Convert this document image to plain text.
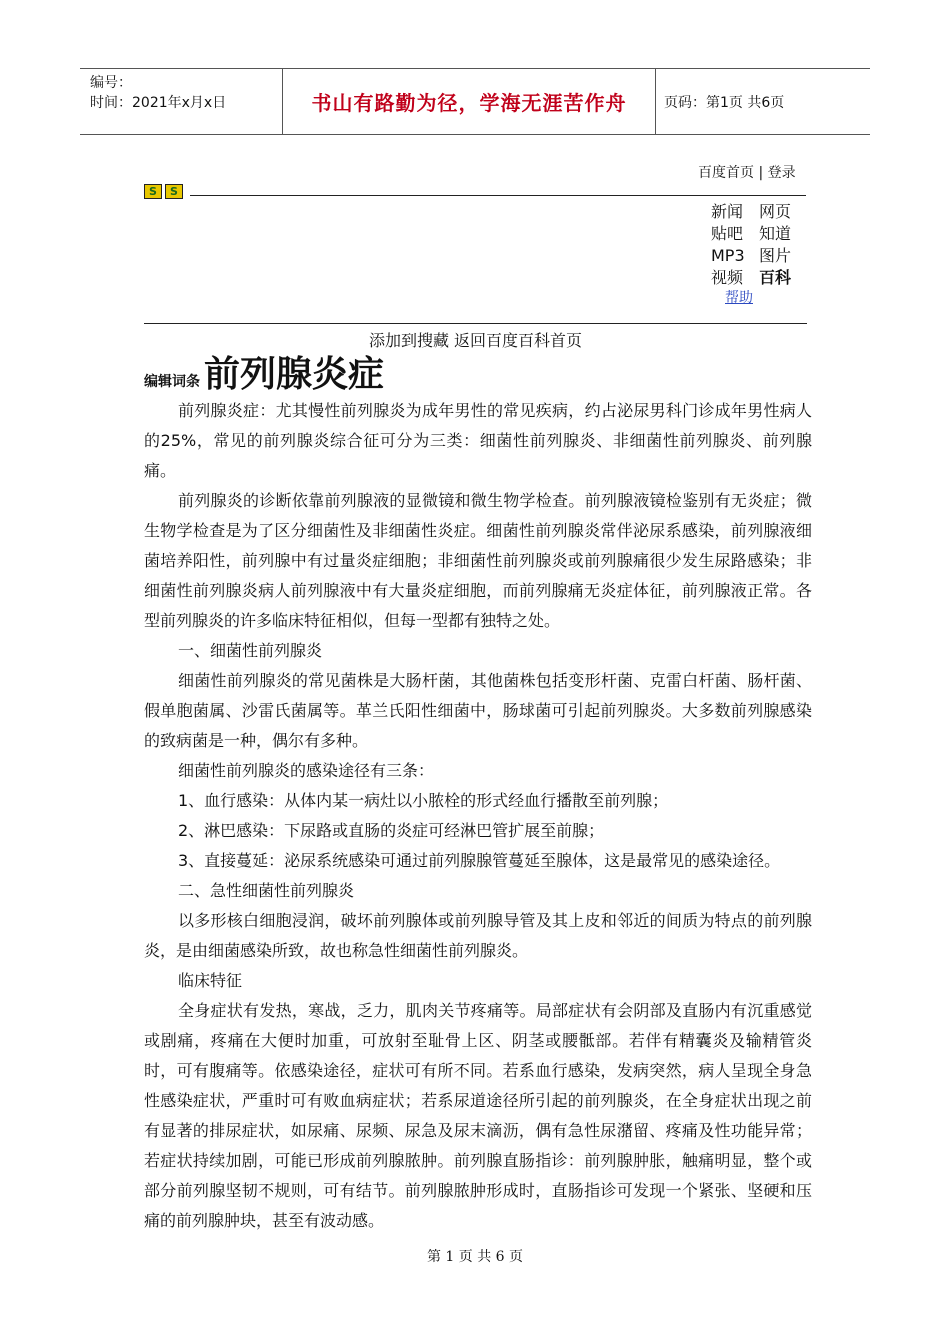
编号：
时间：2021年x月x日	书山有路勤为径，学海无涯苦作舟	页码：第1页 共6页
百度首页 | 登录
S S
新闻 网页
贴吧 知道
MP3 图片
视频 百科
帮助
添加到搜藏 返回百度百科首页
编辑词条 前列腺炎症

前列腺炎症：尤其慢性前列腺炎为成年男性的常见疾病，约占泌尿男科门诊成年男性病人的25%，常见的前列腺炎综合征可分为三类：细菌性前列腺炎、非细菌性前列腺炎、前列腺痛。

前列腺炎的诊断依靠前列腺液的显微镜和微生物学检查。前列腺液镜检鉴别有无炎症；微生物学检查是为了区分细菌性及非细菌性炎症。细菌性前列腺炎常伴泌尿系感染，前列腺液细菌培养阳性，前列腺中有过量炎症细胞；非细菌性前列腺炎或前列腺痛很少发生尿路感染；非细菌性前列腺炎病人前列腺液中有大量炎症细胞，而前列腺痛无炎症体征，前列腺液正常。各型前列腺炎的许多临床特征相似，但每一型都有独特之处。

一、细菌性前列腺炎

细菌性前列腺炎的常见菌株是大肠杆菌，其他菌株包括变形杆菌、克雷白杆菌、肠杆菌、假单胞菌属、沙雷氏菌属等。革兰氏阳性细菌中，肠球菌可引起前列腺炎。大多数前列腺感染的致病菌是一种，偶尔有多种。

细菌性前列腺炎的感染途径有三条：

1、血行感染：从体内某一病灶以小脓栓的形式经血行播散至前列腺；

2、淋巴感染：下尿路或直肠的炎症可经淋巴管扩展至前腺；

3、直接蔓延：泌尿系统感染可通过前列腺腺管蔓延至腺体，这是最常见的感染途径。

二、急性细菌性前列腺炎

以多形核白细胞浸润，破坏前列腺体或前列腺导管及其上皮和邻近的间质为特点的前列腺炎，是由细菌感染所致，故也称急性细菌性前列腺炎。

临床特征

全身症状有发热，寒战，乏力，肌肉关节疼痛等。局部症状有会阴部及直肠内有沉重感觉或剧痛，疼痛在大便时加重，可放射至耻骨上区、阴茎或腰骶部。若伴有精囊炎及输精管炎时，可有腹痛等。依感染途径，症状可有所不同。若系血行感染，发病突然，病人呈现全身急性感染症状，严重时可有败血病症状；若系尿道途径所引起的前列腺炎，在全身症状出现之前有显著的排尿症状，如尿痛、尿频、尿急及尿末滴沥，偶有急性尿潴留、疼痛及性功能异常；若症状持续加剧，可能已形成前列腺脓肿。前列腺直肠指诊：前列腺肿胀，触痛明显，整个或部分前列腺坚韧不规则，可有结节。前列腺脓肿形成时，直肠指诊可发现一个紧张、坚硬和压痛的前列腺肿块，甚至有波动感。

第 1 页 共 6 页
